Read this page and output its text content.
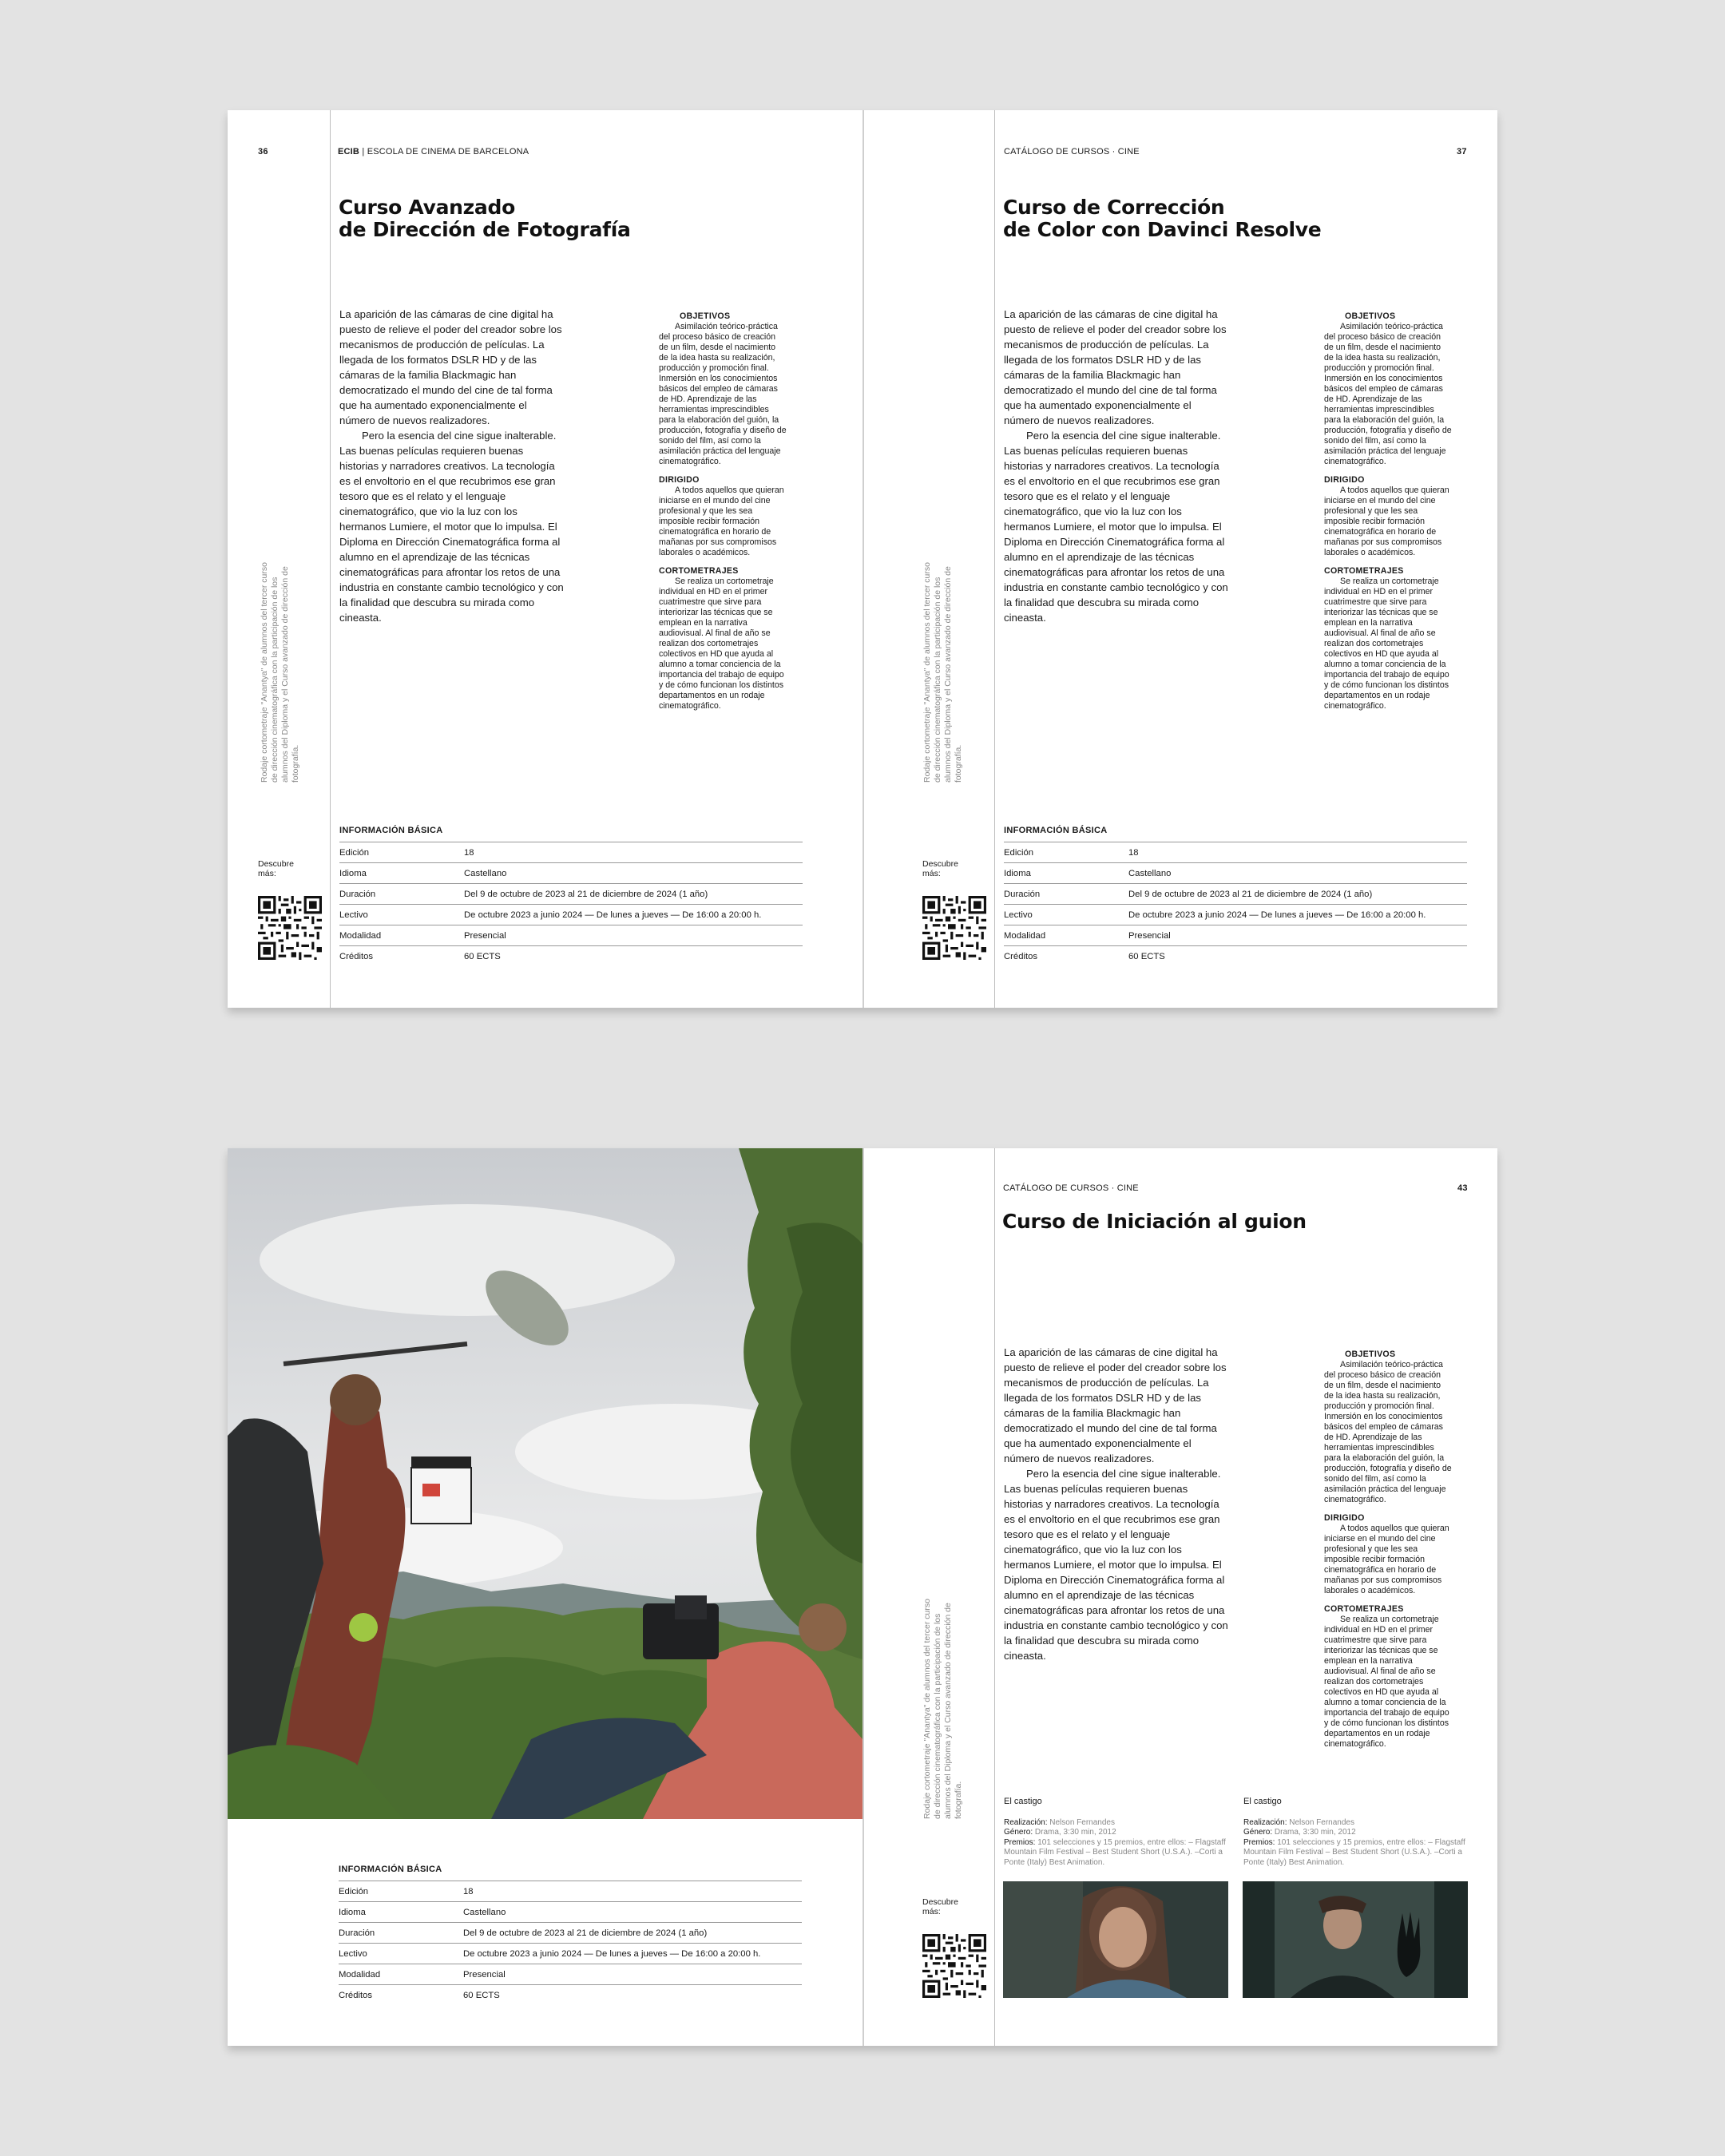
36	ECIB | ESCOLA DE CINEMA DE BARCELONA
Curso Avanzado
de Dirección de Fotografía

La aparición de las cámaras de cine digital ha puesto de relieve el poder del creador sobre los mecanismos de producción de películas. La llegada de los formatos DSLR HD y de las cámaras de la familia Blackmagic han democratizado el mundo del cine de tal forma que ha aumentado exponencialmente el número de nuevos realizadores.

Pero la esencia del cine sigue inalterable. Las buenas películas requieren buenas historias y narradores creativos. La tecnología es el envoltorio en el que recubrimos ese gran tesoro que es el relato y el lenguaje cinematográfico, que vio la luz con los hermanos Lumiere, el motor que lo impulsa. El Diploma en Dirección Cinematográfica forma al alumno en el aprendizaje de las técnicas cinematográficas para afrontar los retos de una industria en constante cambio tecnológico y con la finalidad que descubra su mirada como cineasta.

OBJETIVOS
Asimilación teórico-práctica del proceso básico de creación de un film, desde el nacimiento de la idea hasta su realización, producción y promoción final. Inmersión en los conocimientos básicos del empleo de cámaras de HD. Aprendizaje de las herramientas imprescindibles para la elaboración del guión, la producción, fotografía y diseño de sonido del film, así como la asimilación práctica del lenguaje cinematográfico.
DIRIGIDO
A todos aquellos que quieran iniciarse en el mundo del cine profesional y que les sea imposible recibir formación cinematográfica en horario de mañanas por sus compromisos laborales o académicos.
CORTOMETRAJES
Se realiza un cortometraje individual en HD en el primer cuatrimestre que sirve para interiorizar las técnicas que se emplean en la narrativa audiovisual. Al final de año se realizan dos cortometrajes colectivos en HD que ayuda al alumno a tomar conciencia de la importancia del trabajo de equipo y de cómo funcionan los distintos departamentos en un rodaje cinematográfico.
Rodaje cortometraje "Anantya" de alumnos del tercer curso de dirección cinematográfica con la participación de los alumnos del Diploma y el Curso avanzado de dirección de fotografía.
Descubre más:
INFORMACIÓN BÁSICA
Edición	18
Idioma	Castellano
Duración	Del 9 de octubre de 2023 al 21 de diciembre de 2024 (1 año)
Lectivo	De octubre 2023 a junio 2024 — De lunes a jueves — De 16:00 a 20:00 h.
Modalidad	Presencial
Créditos	60 ECTS
CATÁLOGO DE CURSOS · CINE	37
Curso de Corrección
de Color con Davinci Resolve

La aparición de las cámaras de cine digital ha puesto de relieve el poder del creador sobre los mecanismos de producción de películas. La llegada de los formatos DSLR HD y de las cámaras de la familia Blackmagic han democratizado el mundo del cine de tal forma que ha aumentado exponencialmente el número de nuevos realizadores.

Pero la esencia del cine sigue inalterable. Las buenas películas requieren buenas historias y narradores creativos. La tecnología es el envoltorio en el que recubrimos ese gran tesoro que es el relato y el lenguaje cinematográfico, que vio la luz con los hermanos Lumiere, el motor que lo impulsa. El Diploma en Dirección Cinematográfica forma al alumno en el aprendizaje de las técnicas cinematográficas para afrontar los retos de una industria en constante cambio tecnológico y con la finalidad que descubra su mirada como cineasta.

OBJETIVOS
Asimilación teórico-práctica del proceso básico de creación de un film, desde el nacimiento de la idea hasta su realización, producción y promoción final. Inmersión en los conocimientos básicos del empleo de cámaras de HD. Aprendizaje de las herramientas imprescindibles para la elaboración del guión, la producción, fotografía y diseño de sonido del film, así como la asimilación práctica del lenguaje cinematográfico.
DIRIGIDO
A todos aquellos que quieran iniciarse en el mundo del cine profesional y que les sea imposible recibir formación cinematográfica en horario de mañanas por sus compromisos laborales o académicos.
CORTOMETRAJES
Se realiza un cortometraje individual en HD en el primer cuatrimestre que sirve para interiorizar las técnicas que se emplean en la narrativa audiovisual. Al final de año se realizan dos cortometrajes colectivos en HD que ayuda al alumno a tomar conciencia de la importancia del trabajo de equipo y de cómo funcionan los distintos departamentos en un rodaje cinematográfico.
Rodaje cortometraje "Anantya" de alumnos del tercer curso de dirección cinematográfica con la participación de los alumnos del Diploma y el Curso avanzado de dirección de fotografía.
Descubre más:
INFORMACIÓN BÁSICA
Edición	18
Idioma	Castellano
Duración	Del 9 de octubre de 2023 al 21 de diciembre de 2024 (1 año)
Lectivo	De octubre 2023 a junio 2024 — De lunes a jueves — De 16:00 a 20:00 h.
Modalidad	Presencial
Créditos	60 ECTS
INFORMACIÓN BÁSICA
Edición	18
Idioma	Castellano
Duración	Del 9 de octubre de 2023 al 21 de diciembre de 2024 (1 año)
Lectivo	De octubre 2023 a junio 2024 — De lunes a jueves — De 16:00 a 20:00 h.
Modalidad	Presencial
Créditos	60 ECTS
CATÁLOGO DE CURSOS · CINE	43
Curso de Iniciación al guion

La aparición de las cámaras de cine digital ha puesto de relieve el poder del creador sobre los mecanismos de producción de películas. La llegada de los formatos DSLR HD y de las cámaras de la familia Blackmagic han democratizado el mundo del cine de tal forma que ha aumentado exponencialmente el número de nuevos realizadores.

Pero la esencia del cine sigue inalterable. Las buenas películas requieren buenas historias y narradores creativos. La tecnología es el envoltorio en el que recubrimos ese gran tesoro que es el relato y el lenguaje cinematográfico, que vio la luz con los hermanos Lumiere, el motor que lo impulsa. El Diploma en Dirección Cinematográfica forma al alumno en el aprendizaje de las técnicas cinematográficas para afrontar los retos de una industria en constante cambio tecnológico y con la finalidad que descubra su mirada como cineasta.

OBJETIVOS
Asimilación teórico-práctica del proceso básico de creación de un film, desde el nacimiento de la idea hasta su realización, producción y promoción final. Inmersión en los conocimientos básicos del empleo de cámaras de HD. Aprendizaje de las herramientas imprescindibles para la elaboración del guión, la producción, fotografía y diseño de sonido del film, así como la asimilación práctica del lenguaje cinematográfico.
DIRIGIDO
A todos aquellos que quieran iniciarse en el mundo del cine profesional y que les sea imposible recibir formación cinematográfica en horario de mañanas por sus compromisos laborales o académicos.
CORTOMETRAJES
Se realiza un cortometraje individual en HD en el primer cuatrimestre que sirve para interiorizar las técnicas que se emplean en la narrativa audiovisual. Al final de año se realizan dos cortometrajes colectivos en HD que ayuda al alumno a tomar conciencia de la importancia del trabajo de equipo y de cómo funcionan los distintos departamentos en un rodaje cinematográfico.
Rodaje cortometraje "Anantya" de alumnos del tercer curso de dirección cinematográfica con la participación de los alumnos del Diploma y el Curso avanzado de dirección de fotografía.
Descubre más:
El castigo
Realización: Nelson Fernandes
Género: Drama, 3:30 min, 2012
Premios: 101 selecciones y 15 premios, entre ellos: – Flagstaff Mountain Film Festival – Best Student Short (U.S.A.). –Corti a Ponte (Italy) Best Animation.
El castigo
Realización: Nelson Fernandes
Género: Drama, 3:30 min, 2012
Premios: 101 selecciones y 15 premios, entre ellos: – Flagstaff Mountain Film Festival – Best Student Short (U.S.A.). –Corti a Ponte (Italy) Best Animation.
